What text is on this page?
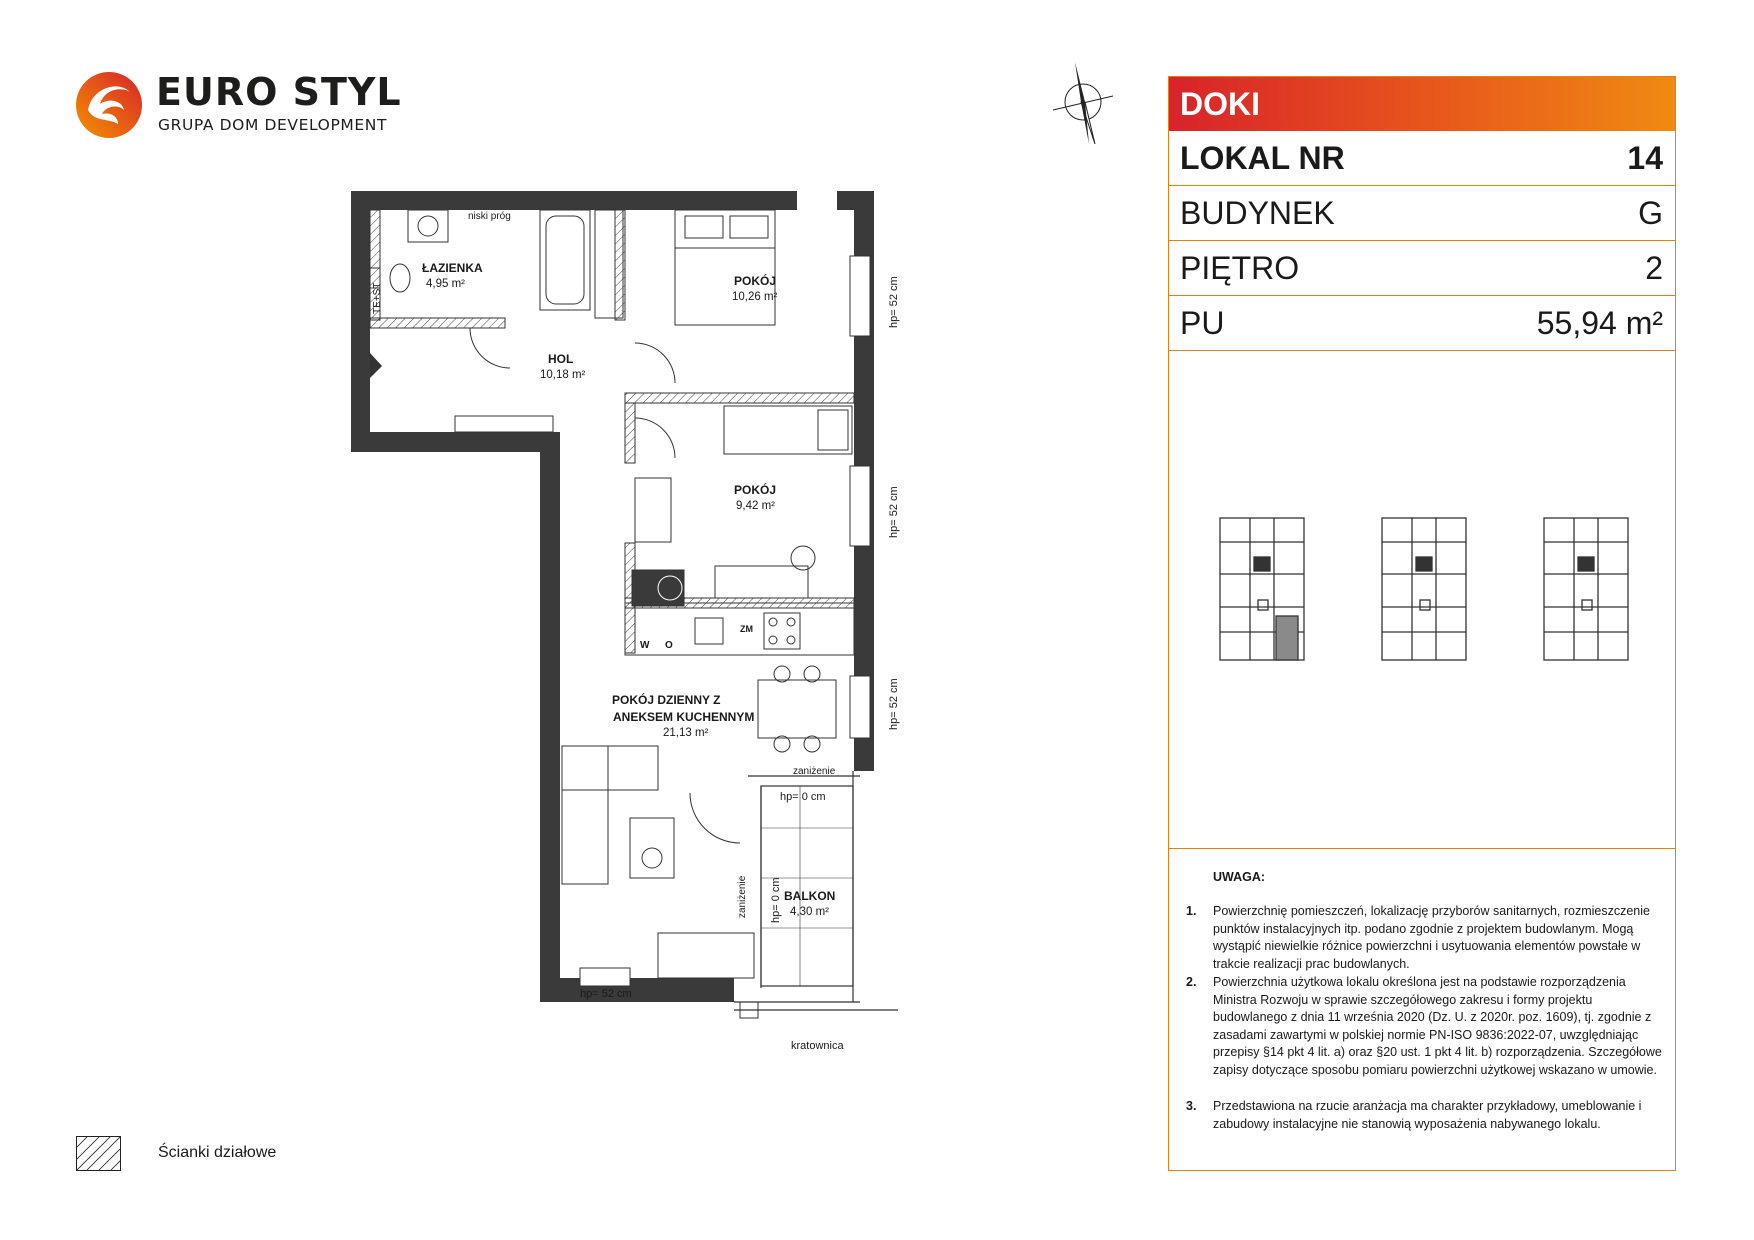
EURO STYL
GRUPA DOM DEVELOPMENT
DOKI
LOKAL NR	14
BUDYNEK	G
PIĘTRO	2
PU	55,94 m²
UWAGA:
1. Powierzchnię pomieszczeń, lokalizację przyborów sanitarnych, rozmieszczenie punktów instalacyjnych itp. podano zgodnie z projektem budowlanym. Mogą wystąpić niewielkie różnice powierzchni i usytuowania elementów powstałe w trakcie realizacji prac budowlanych.
2. Powierzchnia użytkowa lokalu określona jest na podstawie rozporządzenia Ministra Rozwoju w sprawie szczegółowego zakresu i formy projektu budowlanego z dnia 11 września 2020 (Dz. U. z 2020r. poz. 1609), tj. zgodnie z zasadami zawartymi w polskiej normie PN-ISO 9836:2022-07, uwzględniając przepisy §14 pkt 4 lit. a) oraz §20 ust. 1 pkt 4 lit. b) rozporządzenia. Szczegółowe zapisy dotyczące sposobu pomiaru powierzchni użytkowej wskazano w umowie.
3. Przedstawiona na rzucie aranżacja ma charakter przykładowy, umeblowanie i zabudowy instalacyjne nie stanowią wyposażenia nabywanego lokalu.
Ścianki działowe
ŁAZIENKA
4,95 m²
HOL
10,18 m²
POKÓJ
10,26 m²
POKÓJ
9,42 m²
POKÓJ DZIENNY Z
ANEKSEM KUCHENNYM
21,13 m²
BALKON
4,30 m²
niski próg
TE+ST	hp= 52 cm
hp= 52 cm
hp= 52 cm
hp= 52 cm
hp= 0 cm
hp= 0 cm
zaniżenie
zaniżenie
kratownica
ZM
W O
